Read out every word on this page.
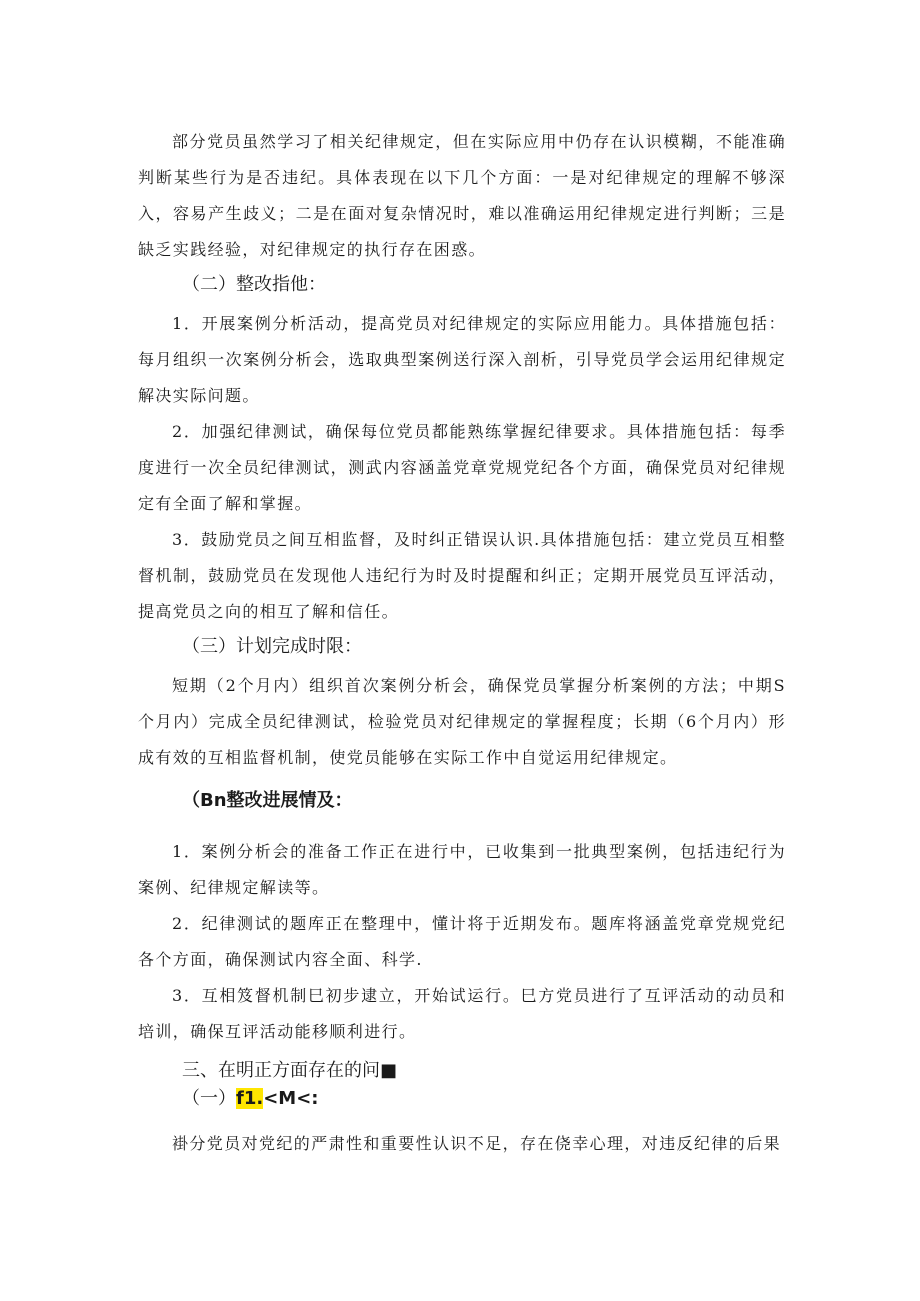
部分党员虽然学习了相关纪律规定，但在实际应用中仍存在认识模糊，不能准确判断某些行为是否违纪。具体表现在以下几个方面：一是对纪律规定的理解不够深入，容易产生歧义；二是在面对复杂情况时，难以准确运用纪律规定进行判断；三是缺乏实践经验，对纪律规定的执行存在困惑。

（二）整改指他：

1．开展案例分析活动，提高党员对纪律规定的实际应用能力。具体措施包括：每月组织一次案例分析会，选取典型案例送行深入剖析，引导党员学会运用纪律规定解决实际问题。

2．加强纪律测试，确保每位党员都能熟练掌握纪律要求。具体措施包括：每季度进行一次全员纪律测试，测武内容涵盖党章党规党纪各个方面，确保党员对纪律规定有全面了解和掌握。

3．鼓励党员之间互相监督，及时纠正错误认识.具体措施包括：建立党员互相整督机制，鼓励党员在发现他人违纪行为时及时提醒和纠正；定期开展党员互评活动，提高党员之向的相互了解和信任。

（三）计划完成时限：

短期（2个月内）组织首次案例分析会，确保党员掌握分析案例的方法；中期S个月内）完成全员纪律测试，检验党员对纪律规定的掌握程度；长期（6个月内）形成有效的互相监督机制，使党员能够在实际工作中自觉运用纪律规定。

（Bn整改进展情及：

1．案例分析会的准备工作正在进行中，已收集到一批典型案例，包括违纪行为案例、纪律规定解读等。

2．纪律测试的题库正在整理中，懂计将于近期发布。题库将涵盖党章党规党纪各个方面，确保测试内容全面、科学.

3．互相笈督机制巳初步逮立，开始试运行。巳方党员进行了互评活动的动员和培训，确保互评活动能移顺利进行。

三、在明正方面存在的问■

（一）f1.<M<:

褂分党员对党纪的严肃性和重要性认识不足，存在侥幸心理，对违反纪律的后果
